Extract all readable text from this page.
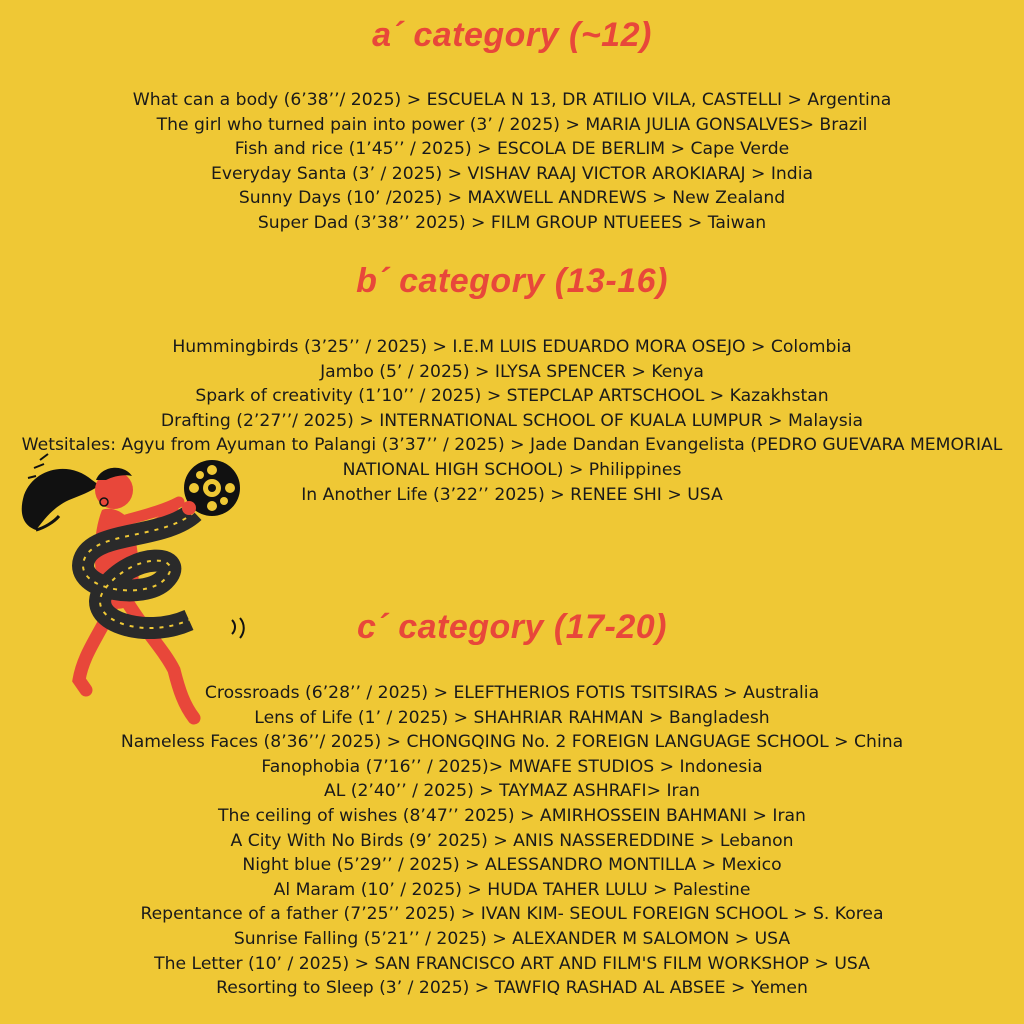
a´ category (~12)
What can a body (6’38’’/ 2025) > ESCUELA N 13, DR ATILIO VILA, CASTELLI > Argentina
The girl who turned pain into power (3’ / 2025) > MARIA JULIA GONSALVES> Brazil
Fish and rice (1’45’’ / 2025) > ESCOLA DE BERLIM > Cape Verde
Everyday Santa (3’ / 2025) > VISHAV RAAJ VICTOR AROKIARAJ > India
Sunny Days (10’ /2025) > MAXWELL ANDREWS > New Zealand
Super Dad (3’38’’ 2025) > FILM GROUP NTUEEES > Taiwan
b´ category (13-16)
Hummingbirds (3’25’’ / 2025) > I.E.M LUIS EDUARDO MORA OSEJO > Colombia
Jambo (5’ / 2025) > ILYSA SPENCER > Kenya
Spark of creativity (1’10’’ / 2025) > STEPCLAP ARTSCHOOL > Kazakhstan
Drafting (2’27’’/ 2025) > INTERNATIONAL SCHOOL OF KUALA LUMPUR > Malaysia
Wetsitales: Agyu from Ayuman to Palangi (3’37’’ / 2025) > Jade Dandan Evangelista (PEDRO GUEVARA MEMORIAL NATIONAL HIGH SCHOOL) > Philippines
In Another Life (3’22’’ 2025) > RENEE SHI > USA
c´ category (17-20)
Crossroads (6’28’’ / 2025) > ELEFTHERIOS FOTIS TSITSIRAS > Australia
Lens of Life (1’ / 2025) > SHAHRIAR RAHMAN > Bangladesh
Nameless Faces (8’36’’/ 2025) > CHONGQING No. 2 FOREIGN LANGUAGE SCHOOL > China
Fanophobia (7’16’’ / 2025)> MWAFE STUDIOS > Indonesia
AL (2’40’’ / 2025) > TAYMAZ ASHRAFI> Iran
The ceiling of wishes (8’47’’ 2025) > AMIRHOSSEIN BAHMANI > Iran
A City With No Birds (9’ 2025) > ANIS NASSEREDDINE > Lebanon
Night blue (5’29’’ / 2025) > ALESSANDRO MONTILLA > Mexico
Al Maram (10’ / 2025) > HUDA TAHER LULU > Palestine
Repentance of a father (7’25’’ 2025) > IVAN KIM- SEOUL FOREIGN SCHOOL > S. Korea
Sunrise Falling (5’21’’ / 2025) > ALEXANDER M SALOMON > USA
The Letter (10’ / 2025) > SAN FRANCISCO ART AND FILM'S FILM WORKSHOP > USA
Resorting to Sleep (3’ / 2025) > TAWFIQ RASHAD AL ABSEE > Yemen
